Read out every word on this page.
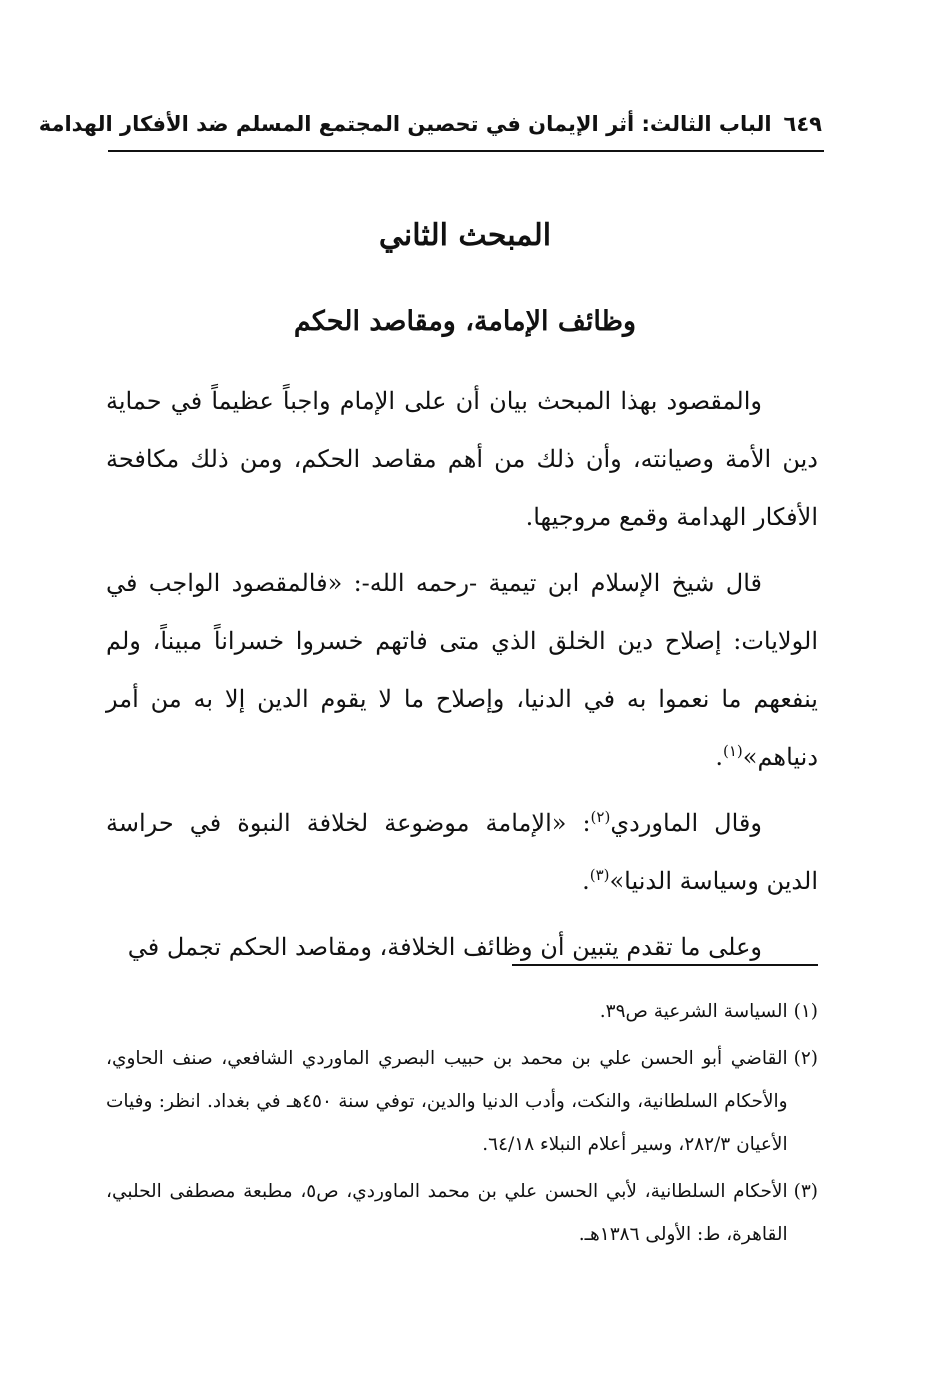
٦٤٩
الباب الثالث: أثر الإيمان في تحصين المجتمع المسلم ضد الأفكار الهدامة
المبحث الثاني
وظائف الإمامة، ومقاصد الحكم

والمقصود بهذا المبحث بيان أن على الإمام واجباً عظيماً في حماية دين الأمة وصيانته، وأن ذلك من أهم مقاصد الحكم، ومن ذلك مكافحة الأفكار الهدامة وقمع مروجيها.

قال شيخ الإسلام ابن تيمية -رحمه الله-: «فالمقصود الواجب في الولايات: إصلاح دين الخلق الذي متى فاتهم خسروا خسراناً مبيناً، ولم ينفعهم ما نعموا به في الدنيا، وإصلاح ما لا يقوم الدين إلا به من أمر دنياهم»$^{(١)}$.

وقال الماوردي$^{(٢)}$: «الإمامة موضوعة لخلافة النبوة في حراسة الدين وسياسة الدنيا»$^{(٣)}$.

وعلى ما تقدم يتبين أن وظائف الخلافة، ومقاصد الحكم تجمل في

(١)
السياسة الشرعية ص٣٩.
(٢)
القاضي أبو الحسن علي بن محمد بن حبيب البصري الماوردي الشافعي، صنف الحاوي، والأحكام السلطانية، والنكت، وأدب الدنيا والدين، توفي سنة ٤٥٠هـ في بغداد. انظر: وفيات الأعيان ٢٨٢/٣، وسير أعلام النبلاء ٦٤/١٨.
(٣)
الأحكام السلطانية، لأبي الحسن علي بن محمد الماوردي، ص٥، مطبعة مصطفى الحلبي، القاهرة، ط: الأولى ١٣٨٦هـ.
